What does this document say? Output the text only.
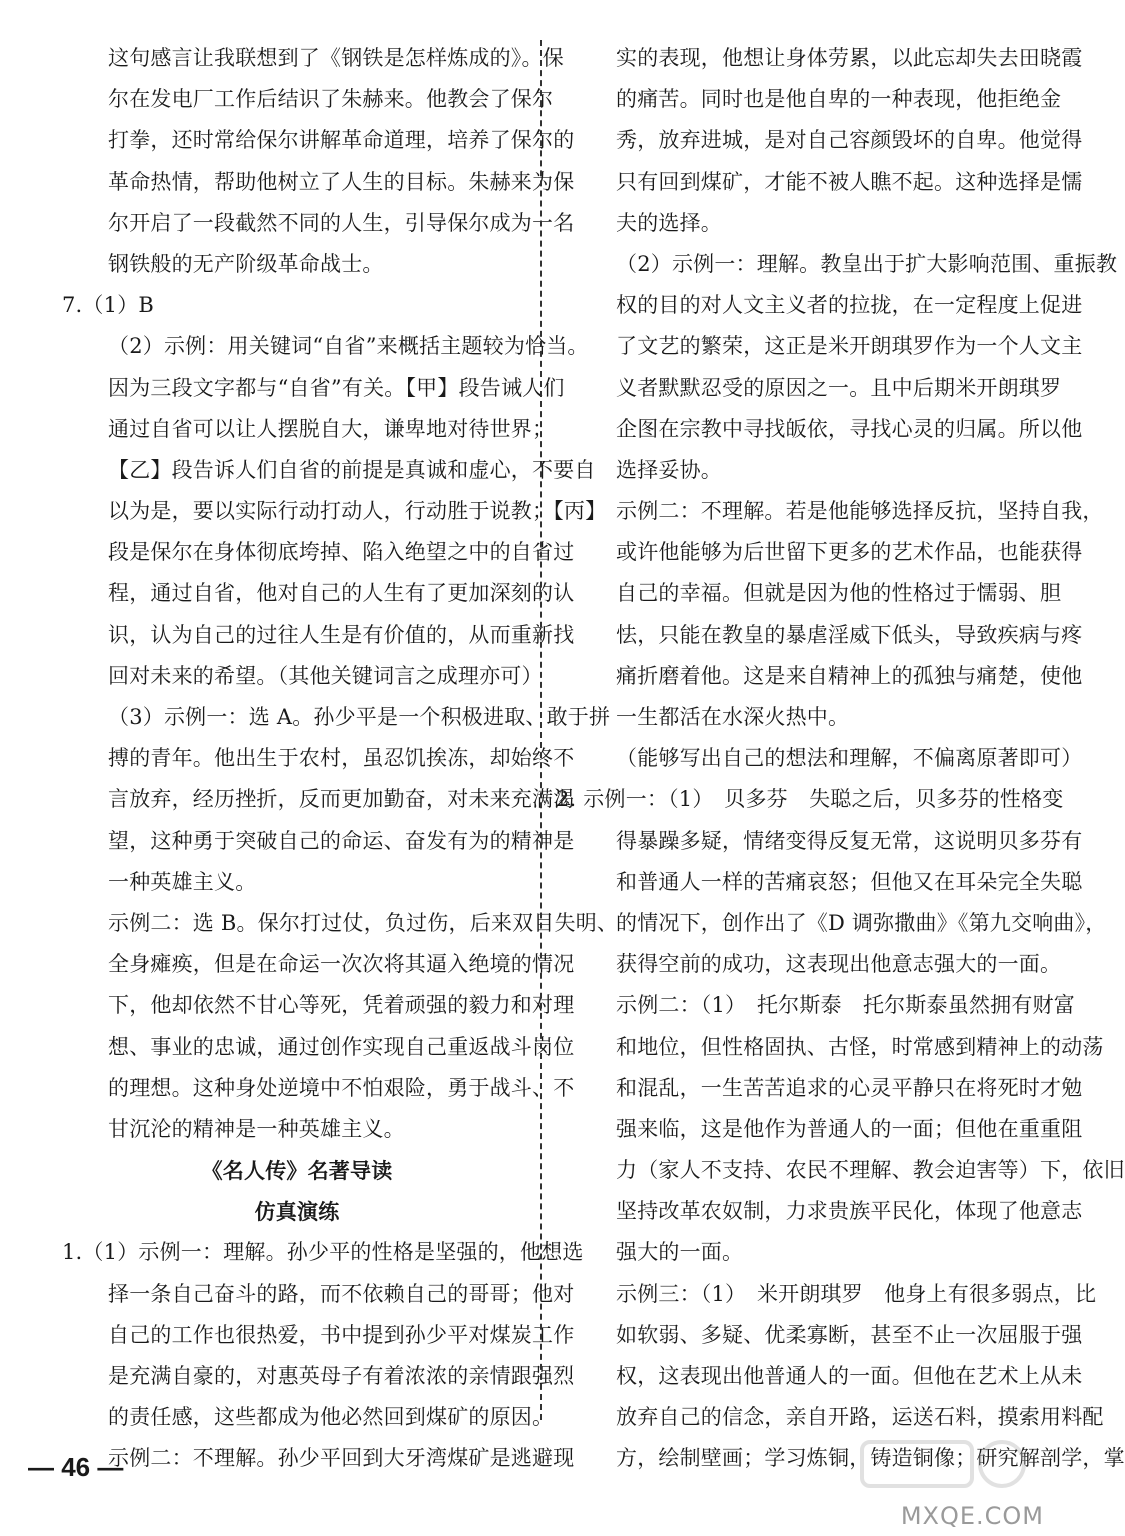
这句感言让我联想到了《钢铁是怎样炼成的》。保
尔在发电厂工作后结识了朱赫来。他教会了保尔
打拳，还时常给保尔讲解革命道理，培养了保尔的
革命热情，帮助他树立了人生的目标。朱赫来为保
尔开启了一段截然不同的人生，引导保尔成为一名
钢铁般的无产阶级革命战士。
7.（1）B
（2）示例：用关键词“自省”来概括主题较为恰当。
因为三段文字都与“自省”有关。【甲】段告诫人们
通过自省可以让人摆脱自大，谦卑地对待世界；
【乙】段告诉人们自省的前提是真诚和虚心，不要自
以为是，要以实际行动打动人，行动胜于说教；【丙】
段是保尔在身体彻底垮掉、陷入绝望之中的自省过
程，通过自省，他对自己的人生有了更加深刻的认
识，认为自己的过往人生是有价值的，从而重新找
回对未来的希望。（其他关键词言之成理亦可）
（3）示例一：选 A。孙少平是一个积极进取、敢于拼
搏的青年。他出生于农村，虽忍饥挨冻，却始终不
言放弃，经历挫折，反而更加勤奋，对未来充满渴
望，这种勇于突破自己的命运、奋发有为的精神是
一种英雄主义。
示例二：选 B。保尔打过仗，负过伤，后来双目失明、
全身瘫痪，但是在命运一次次将其逼入绝境的情况
下，他却依然不甘心等死，凭着顽强的毅力和对理
想、事业的忠诚，通过创作实现自己重返战斗岗位
的理想。这种身处逆境中不怕艰险，勇于战斗、不
甘沉沦的精神是一种英雄主义。
《名人传》名著导读
仿真演练
1.（1）示例一：理解。孙少平的性格是坚强的，他想选
择一条自己奋斗的路，而不依赖自己的哥哥；他对
自己的工作也很热爱，书中提到孙少平对煤炭工作
是充满自豪的，对惠英母子有着浓浓的亲情跟强烈
的责任感，这些都成为他必然回到煤矿的原因。
示例二：不理解。孙少平回到大牙湾煤矿是逃避现
实的表现，他想让身体劳累，以此忘却失去田晓霞
的痛苦。同时也是他自卑的一种表现，他拒绝金
秀，放弃进城，是对自己容颜毁坏的自卑。他觉得
只有回到煤矿，才能不被人瞧不起。这种选择是懦
夫的选择。
（2）示例一：理解。教皇出于扩大影响范围、重振教
权的目的对人文主义者的拉拢，在一定程度上促进
了文艺的繁荣，这正是米开朗琪罗作为一个人文主
义者默默忍受的原因之一。且中后期米开朗琪罗
企图在宗教中寻找皈依，寻找心灵的归属。所以他
选择妥协。
示例二：不理解。若是他能够选择反抗，坚持自我，
或许他能够为后世留下更多的艺术作品，也能获得
自己的幸福。但就是因为他的性格过于懦弱、胆
怯，只能在教皇的暴虐淫威下低头，导致疾病与疼
痛折磨着他。这是来自精神上的孤独与痛楚，使他
一生都活在水深火热中。
（能够写出自己的想法和理解，不偏离原著即可）
2. 示例一：（1）　贝多芬　失聪之后，贝多芬的性格变
得暴躁多疑，情绪变得反复无常，这说明贝多芬有
和普通人一样的苦痛哀怒；但他又在耳朵完全失聪
的情况下，创作出了《D 调弥撒曲》《第九交响曲》，
获得空前的成功，这表现出他意志强大的一面。
示例二：（1）　托尔斯泰　托尔斯泰虽然拥有财富
和地位，但性格固执、古怪，时常感到精神上的动荡
和混乱，一生苦苦追求的心灵平静只在将死时才勉
强来临，这是他作为普通人的一面；但他在重重阻
力（家人不支持、农民不理解、教会迫害等）下，依旧
坚持改革农奴制，力求贵族平民化，体现了他意志
强大的一面。
示例三：（1）　米开朗琪罗　他身上有很多弱点，比
如软弱、多疑、优柔寡断，甚至不止一次屈服于强
权，这表现出他普通人的一面。但他在艺术上从未
放弃自己的信念，亲自开路，运送石料，摸索用料配
方，绘制壁画；学习炼铜，铸造铜像；研究解剖学，掌
— 46 —
MXQE.COM
